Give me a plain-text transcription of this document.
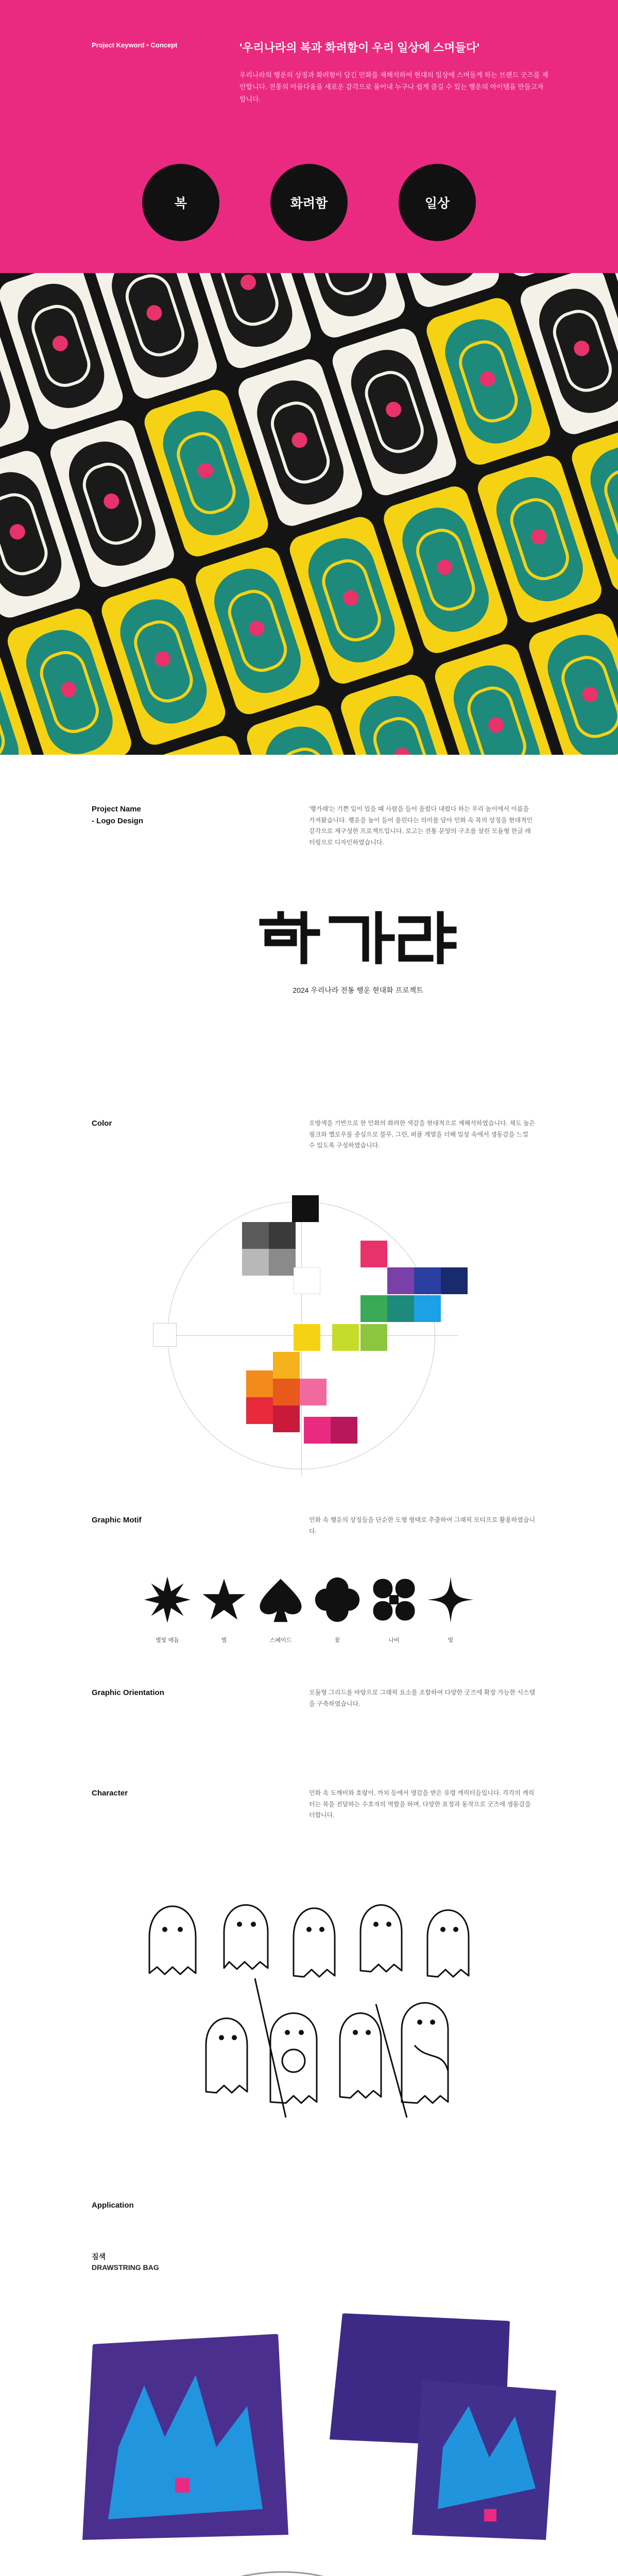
Project Keyword • Concept	'우리나라의 복과 화려함이 우리 일상에 스며들다'
우리나라의 행운의 상징과 화려함이 담긴 민화를 재해석하여 현대의 일상에 스며들게 하는 브랜드 굿즈를 제안합니다. 전통의 아름다움을 새로운 감각으로 풀어내 누구나 쉽게 즐길 수 있는 행운의 아이템을 만들고자 합니다.
복	화려함	일상
Project Name
- Logo Design
'행가래'는 기쁜 일이 있을 때 사람을 들어 올렸다 내렸다 하는 우리 놀이에서 이름을 가져왔습니다. 행운을 높이 들어 올린다는 의미를 담아 민화 속 복의 상징을 현대적인 감각으로 재구성한 프로젝트입니다. 로고는 전통 문양의 구조를 살린 모듈형 한글 레터링으로 디자인하였습니다.
2024 우리나라 전통 행운 현대화 프로젝트
Color	오방색을 기반으로 한 민화의 화려한 색감을 현대적으로 재해석하였습니다. 채도 높은 핑크와 옐로우를 중심으로 블루, 그린, 퍼플 계열을 더해 일상 속에서 생동감을 느낄 수 있도록 구성하였습니다.
Graphic Motif	민화 속 행운의 상징들을 단순한 도형 형태로 추출하여 그래픽 모티프로 활용하였습니다.
별빛 매듭	별	스페이드	꽃	나비	빛
Graphic Orientation	모듈형 그리드를 바탕으로 그래픽 요소를 조합하여 다양한 굿즈에 확장 가능한 시스템을 구축하였습니다.
Character	민화 속 도깨비와 호랑이, 까치 등에서 영감을 받은 유령 캐릭터들입니다. 각각의 캐릭터는 복을 전달하는 수호자의 역할을 하며, 다양한 표정과 동작으로 굿즈에 생동감을 더합니다.
Application
짐색
DRAWSTRING BAG
